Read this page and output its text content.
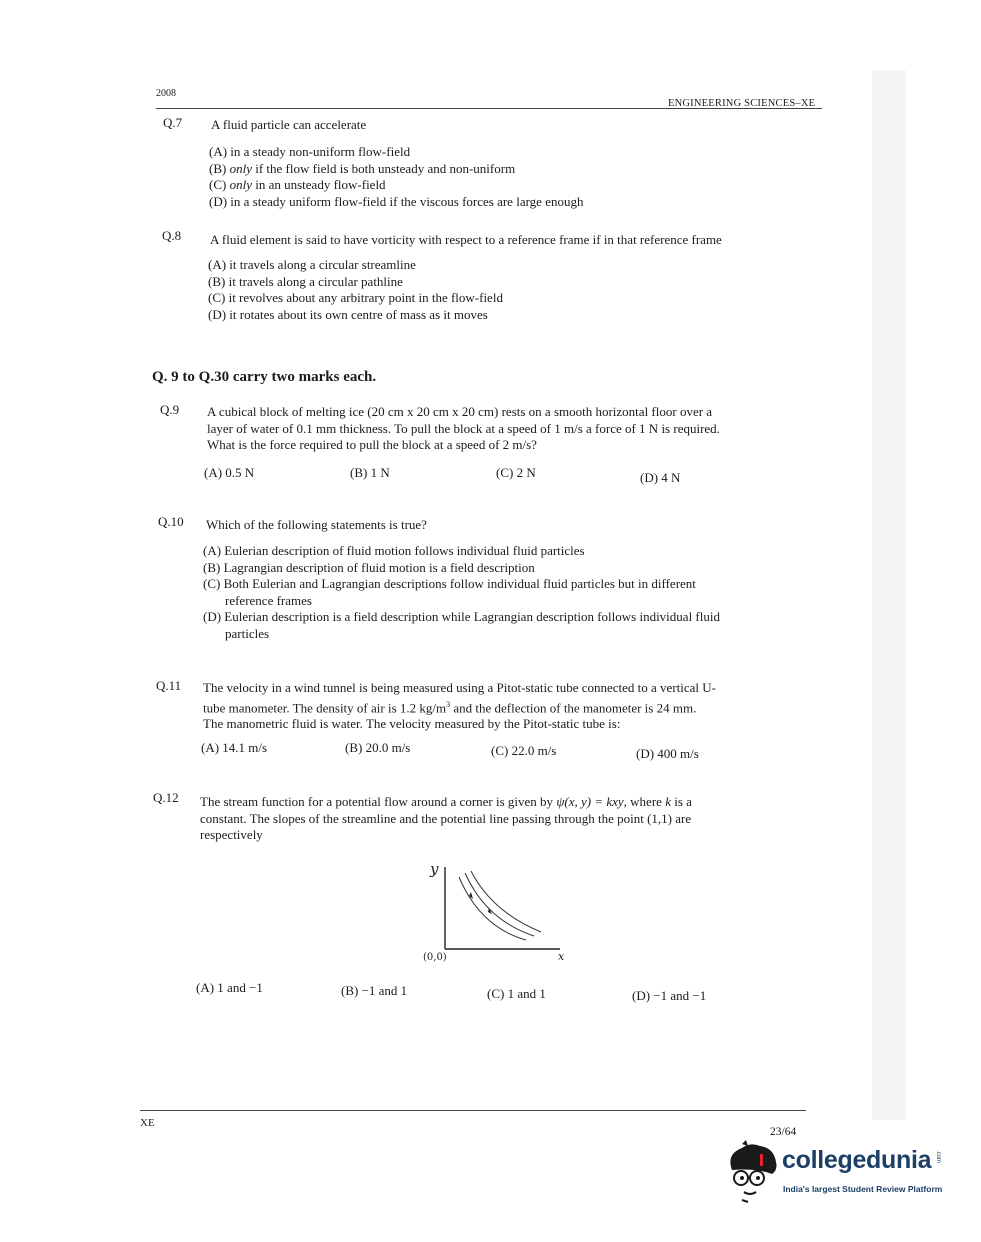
2008
ENGINEERING SCIENCES–XE
Q.7 A fluid particle can accelerate
(A) in a steady non-uniform flow-field
(B) only if the flow field is both unsteady and non-uniform
(C) only in an unsteady flow-field
(D) in a steady uniform flow-field if the viscous forces are large enough
Q.8 A fluid element is said to have vorticity with respect to a reference frame if in that reference frame
(A) it travels along a circular streamline
(B) it travels along a circular pathline
(C) it revolves about any arbitrary point in the flow-field
(D) it rotates about its own centre of mass as it moves
Q. 9 to Q.30 carry two marks each.
Q.9 A cubical block of melting ice (20 cm x 20 cm x 20 cm) rests on a smooth horizontal floor over a
layer of water of 0.1 mm thickness. To pull the block at a speed of 1 m/s a force of 1 N is required.
What is the force required to pull the block at a speed of 2 m/s?
(A) 0.5 N	(B) 1 N	(C) 2 N	(D) 4 N
Q.10 Which of the following statements is true?
(A) Eulerian description of fluid motion follows individual fluid particles
(B) Lagrangian description of fluid motion is a field description
(C) Both Eulerian and Lagrangian descriptions follow individual fluid particles but in different
reference frames
(D) Eulerian description is a field description while Lagrangian description follows individual fluid
particles
Q.11 The velocity in a wind tunnel is being measured using a Pitot-static tube connected to a vertical U-
tube manometer. The density of air is 1.2 $kg/m^3$ and the deflection of the manometer is 24 mm.
The manometric fluid is water. The velocity measured by the Pitot-static tube is:
(A) 14.1 m/s	(B) 20.0 m/s	(C) 22.0 m/s	(D) 400 m/s
Q.12 The stream function for a potential flow around a corner is given by ψ(x, y) = kxy, where k is a
constant. The slopes of the streamline and the potential line passing through the point (1,1) are
respectively
y
(0,0)	x
(A) 1 and −1	(B) −1 and 1	(C) 1 and 1	(D) −1 and −1
XE
23/64
collegedunia .com
India's largest Student Review Platform
